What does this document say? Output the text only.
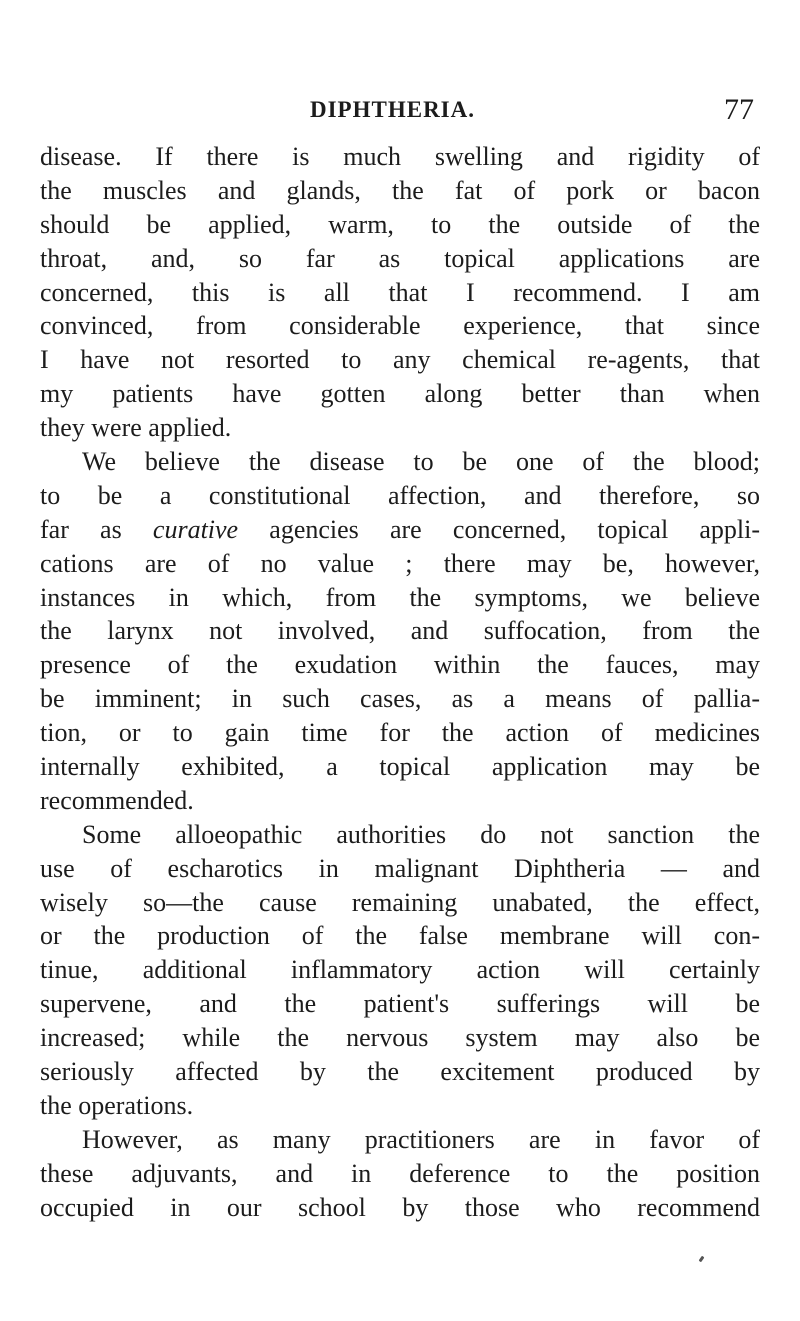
DIPHTHERIA.	77
disease. If there is much swelling and rigidity of
the muscles and glands, the fat of pork or bacon
should be applied, warm, to the outside of the
throat, and, so far as topical applications are
concerned, this is all that I recommend. I am
convinced, from considerable experience, that since
I have not resorted to any chemical re-agents, that
my patients have gotten along better than when
they were applied.
We believe the disease to be one of the blood;
to be a constitutional affection, and therefore, so
far as curative agencies are concerned, topical appli-
cations are of no value ; there may be, however,
instances in which, from the symptoms, we believe
the larynx not involved, and suffocation, from the
presence of the exudation within the fauces, may
be imminent; in such cases, as a means of pallia-
tion, or to gain time for the action of medicines
internally exhibited, a topical application may be
recommended.
Some alloeopathic authorities do not sanction the
use of escharotics in malignant Diphtheria — and
wisely so—the cause remaining unabated, the effect,
or the production of the false membrane will con-
tinue, additional inflammatory action will certainly
supervene, and the patient's sufferings will be
increased; while the nervous system may also be
seriously affected by the excitement produced by
the operations.
However, as many practitioners are in favor of
these adjuvants, and in deference to the position
occupied in our school by those who recommend
